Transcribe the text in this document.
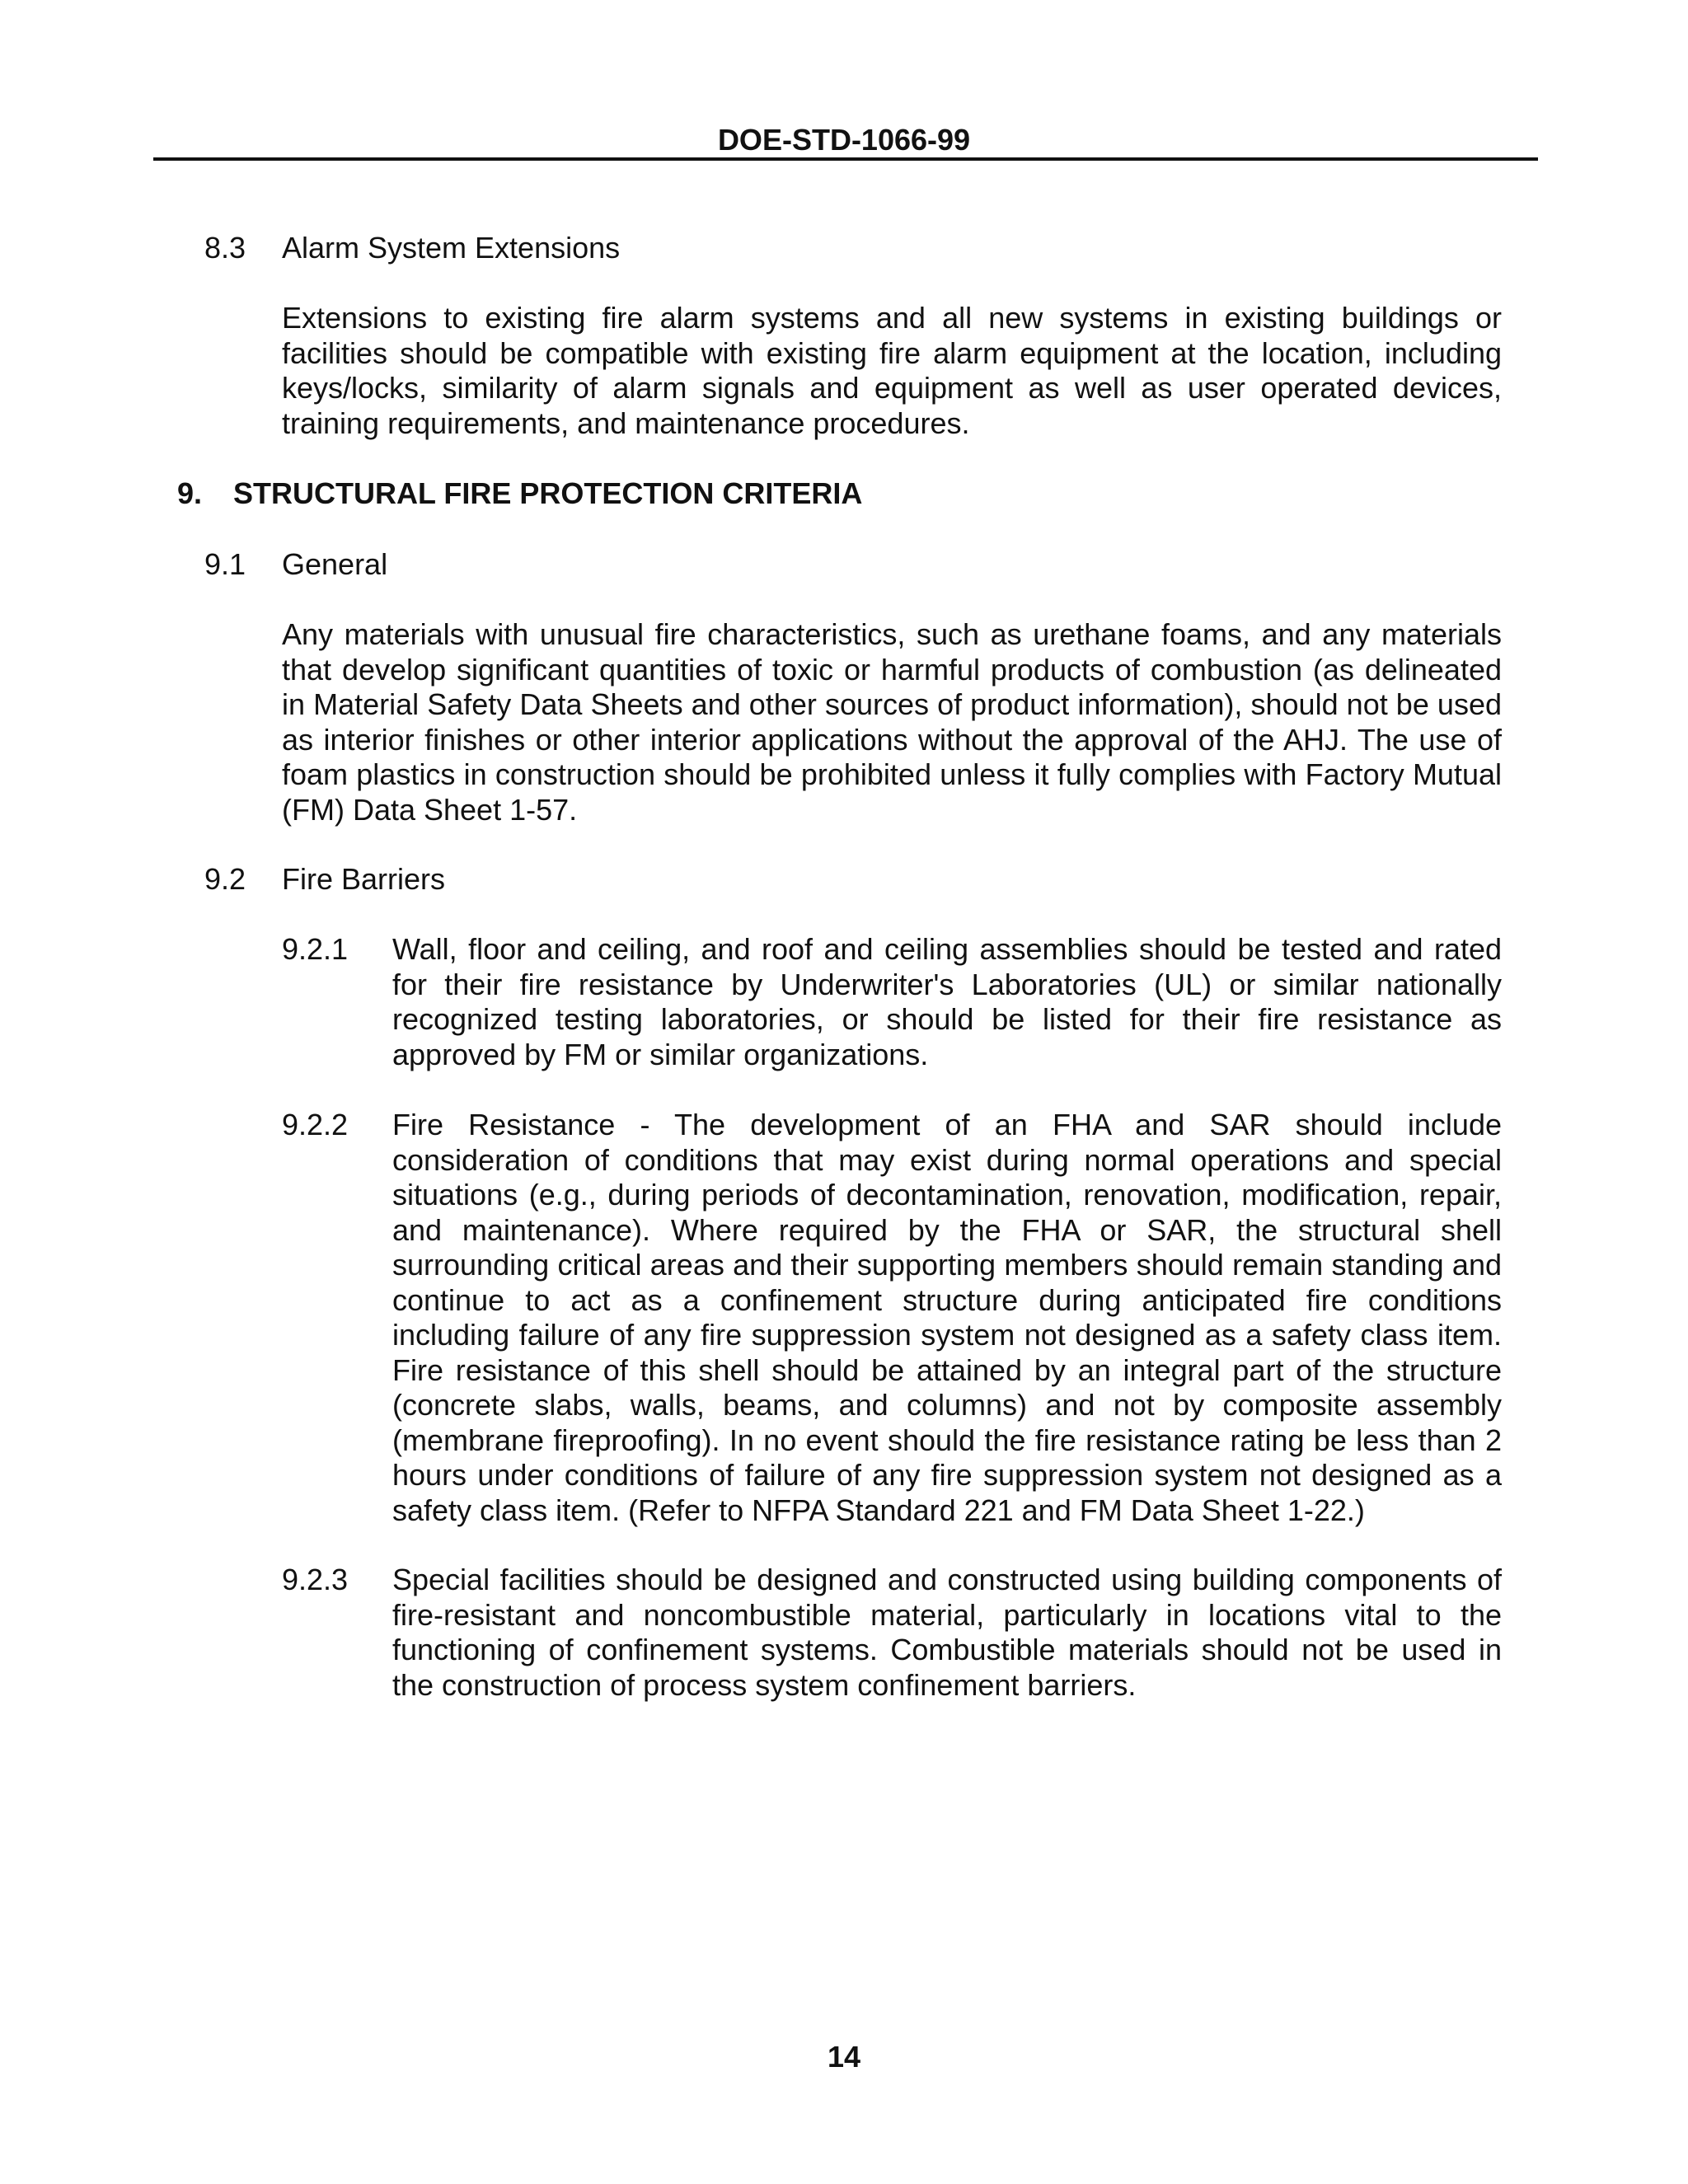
DOE-STD-1066-99
8.3 Alarm System Extensions
Extensions to existing fire alarm systems and all new systems in existing buildings or facilities should be compatible with existing fire alarm equipment at the location, including keys/locks, similarity of alarm signals and equipment as well as user operated devices, training requirements, and maintenance procedures.
9. STRUCTURAL FIRE PROTECTION CRITERIA
9.1 General
Any materials with unusual fire characteristics, such as urethane foams, and any materials that develop significant quantities of toxic or harmful products of combustion (as delineated in Material Safety Data Sheets and other sources of product information), should not be used as interior finishes or other interior applications without the approval of the AHJ. The use of foam plastics in construction should be prohibited unless it fully complies with Factory Mutual (FM) Data Sheet 1-57.
9.2 Fire Barriers
9.2.1 Wall, floor and ceiling, and roof and ceiling assemblies should be tested and rated for their fire resistance by Underwriter's Laboratories (UL) or similar nationally recognized testing laboratories, or should be listed for their fire resistance as approved by FM or similar organizations.
9.2.2 Fire Resistance - The development of an FHA and SAR should include consideration of conditions that may exist during normal operations and special situations (e.g., during periods of decontamination, renovation, modification, repair, and maintenance). Where required by the FHA or SAR, the structural shell surrounding critical areas and their supporting members should remain standing and continue to act as a confinement structure during anticipated fire conditions including failure of any fire suppression system not designed as a safety class item. Fire resistance of this shell should be attained by an integral part of the structure (concrete slabs, walls, beams, and columns) and not by composite assembly (membrane fireproofing). In no event should the fire resistance rating be less than 2 hours under conditions of failure of any fire suppression system not designed as a safety class item. (Refer to NFPA Standard 221 and FM Data Sheet 1-22.)
9.2.3 Special facilities should be designed and constructed using building components of fire-resistant and noncombustible material, particularly in locations vital to the functioning of confinement systems. Combustible materials should not be used in the construction of process system confinement barriers.
14
